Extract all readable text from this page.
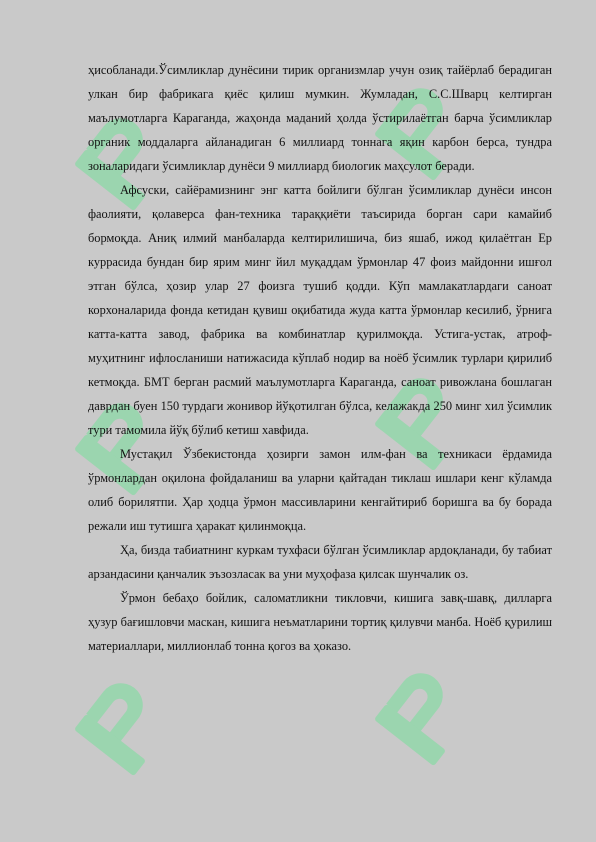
ҳисобланади.Ўсимликлар дунёсини тирик организмлар учун озиқ тайёрлаб берадиган улкан бир фабрикага қиёс қилиш мумкин. Жумладан, С.С.Шварц келтирган маълумотларга Караганда, жаҳонда маданий ҳолда ўстирилаётган барча ўсимликлар органик моддаларга айланадиган 6 миллиард тоннага яқин карбон берса, тундра зоналаридаги ўсимликлар дунёси 9 миллиард биологик маҳсулот беради.

Афсуски, сайёрамизнинг энг катта бойлиги бўлган ўсимликлар дунёси инсон фаолияти, қолаверса фан-техника тараққиёти таъсирида борган сари камайиб бормоқда. Аниқ илмий манбаларда келтирилишича, биз яшаб, ижод қилаётган Ер куррасида бундан бир ярим минг йил муқаддам ўрмонлар 47 фоиз майдонни ишғол этган бўлса, ҳозир улар 27 фоизга тушиб қодди. Кўп мамлакатлардаги саноат корхоналарида фонда кетидан қувиш оқибатида жуда катта ўрмонлар кесилиб, ўрнига катта-катта завод, фабрика ва комбинатлар қурилмоқда. Устига-устак, атроф-муҳитнинг ифлосланиши натижасида кўплаб нодир ва ноёб ўсимлик турлари қирилиб кетмоқда. БМТ берган расмий маълумотларга Караганда, саноат ривожлана бошлаган даврдан буен 150 турдаги жонивор йўқотилган бўлса, келажакда 250 минг хил ўсимлик тури тамомила йўқ бўлиб кетиш хавфида.

Мустақил Ўзбекистонда ҳозирги замон илм-фан ва техникаси ёрдамида ўрмонлардан оқилона фойдаланиш ва уларни қайтадан тиклаш ишлари кенг кўламда олиб борилятпи. Ҳар ҳодца ўрмон массивларини кенгайтириб боришга ва бу борада режали иш тутишга ҳаракат қилинмоқца.

Ҳа, бизда табиатнинг куркам тухфаси бўлган ўсимликлар ардоқланади, бу табиат арзандасини қанчалик эъзозласак ва уни муҳофаза қилсак шунчалик оз.

Ўрмон бебаҳо бойлик, саломатликни тикловчи, кишига завқ-шавқ, дилларга ҳузур бағишловчи маскан, кишига неъматларини тортиқ қилувчи манба. Ноёб қурилиш материаллари, миллионлаб тонна қогоз ва ҳоказо.
